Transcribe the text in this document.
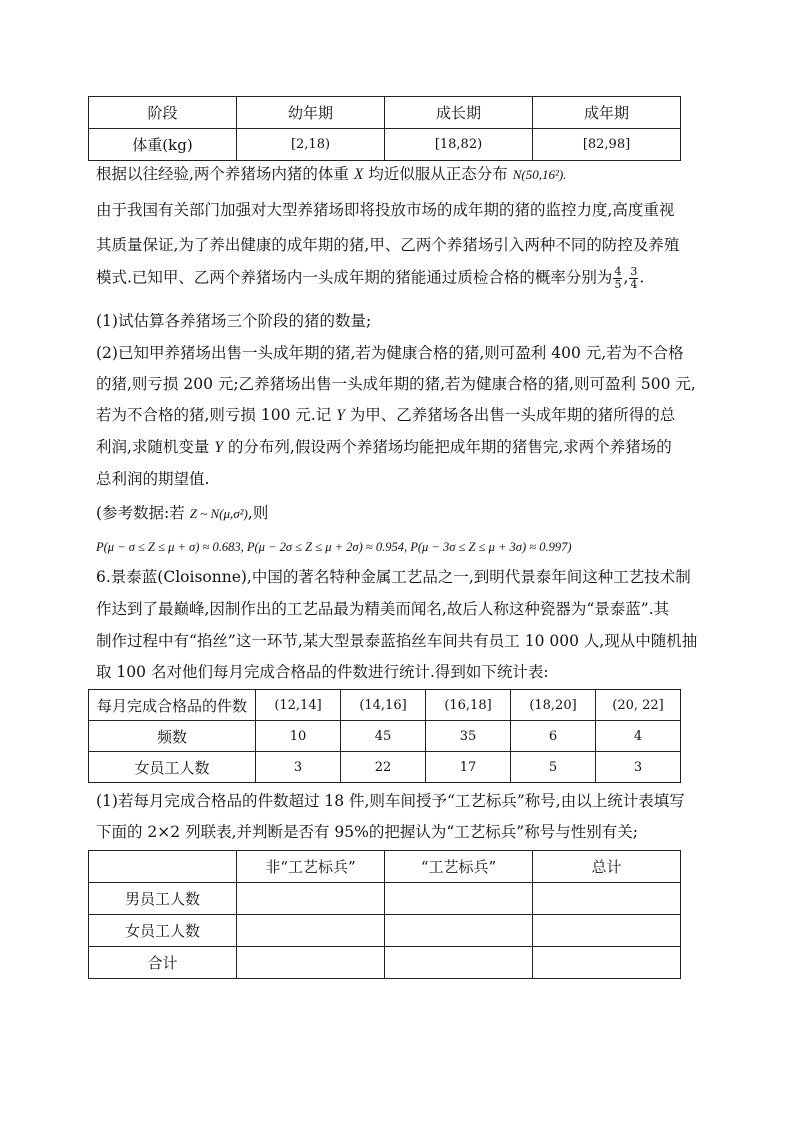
阶段	幼年期	成长期	成年期
体重(kg)	[2,18)	[18,82)	[82,98]
根据以往经验,两个养猪场内猪的体重 X 均近似服从正态分布 N(50,16²).
由于我国有关部门加强对大型养猪场即将投放市场的成年期的猪的监控力度,高度重视
其质量保证,为了养出健康的成年期的猪,甲、乙两个养猪场引入两种不同的防控及养殖
模式.已知甲、乙两个养猪场内一头成年期的猪能通过质检合格的概率分别为 $\frac{4}{5}$ , $\frac{3}{4}$ .
(1)试估算各养猪场三个阶段的猪的数量;
(2)已知甲养猪场出售一头成年期的猪,若为健康合格的猪,则可盈利 400 元,若为不合格
的猪,则亏损 200 元;乙养猪场出售一头成年期的猪,若为健康合格的猪,则可盈利 500 元,
若为不合格的猪,则亏损 100 元.记 Y 为甲、乙养猪场各出售一头成年期的猪所得的总
利润,求随机变量 Y 的分布列,假设两个养猪场均能把成年期的猪售完,求两个养猪场的
总利润的期望值.
(参考数据:若 Z ~ N(μ,σ²),则
P(μ − σ ≤ Z ≤ μ + σ) ≈ 0.683, P(μ − 2σ ≤ Z ≤ μ + 2σ) ≈ 0.954, P(μ − 3σ ≤ Z ≤ μ + 3σ) ≈ 0.997)
6.景泰蓝(Cloisonne),中国的著名特种金属工艺品之一,到明代景泰年间这种工艺技术制
作达到了最巅峰,因制作出的工艺品最为精美而闻名,故后人称这种瓷器为“景泰蓝”.其
制作过程中有“掐丝”这一环节,某大型景泰蓝掐丝车间共有员工 10 000 人,现从中随机抽
取 100 名对他们每月完成合格品的件数进行统计.得到如下统计表:
每月完成合格品的件数	(12,14]	(14,16]	(16,18]	(18,20]	(20, 22]
频数	10	45	35	6	4
女员工人数	3	22	17	5	3
(1)若每月完成合格品的件数超过 18 件,则车间授予“工艺标兵”称号,由以上统计表填写
下面的 2×2 列联表,并判断是否有 95%的把握认为“工艺标兵”称号与性别有关;
	非“工艺标兵”	“工艺标兵”	总计
男员工人数			
女员工人数			
合计			
